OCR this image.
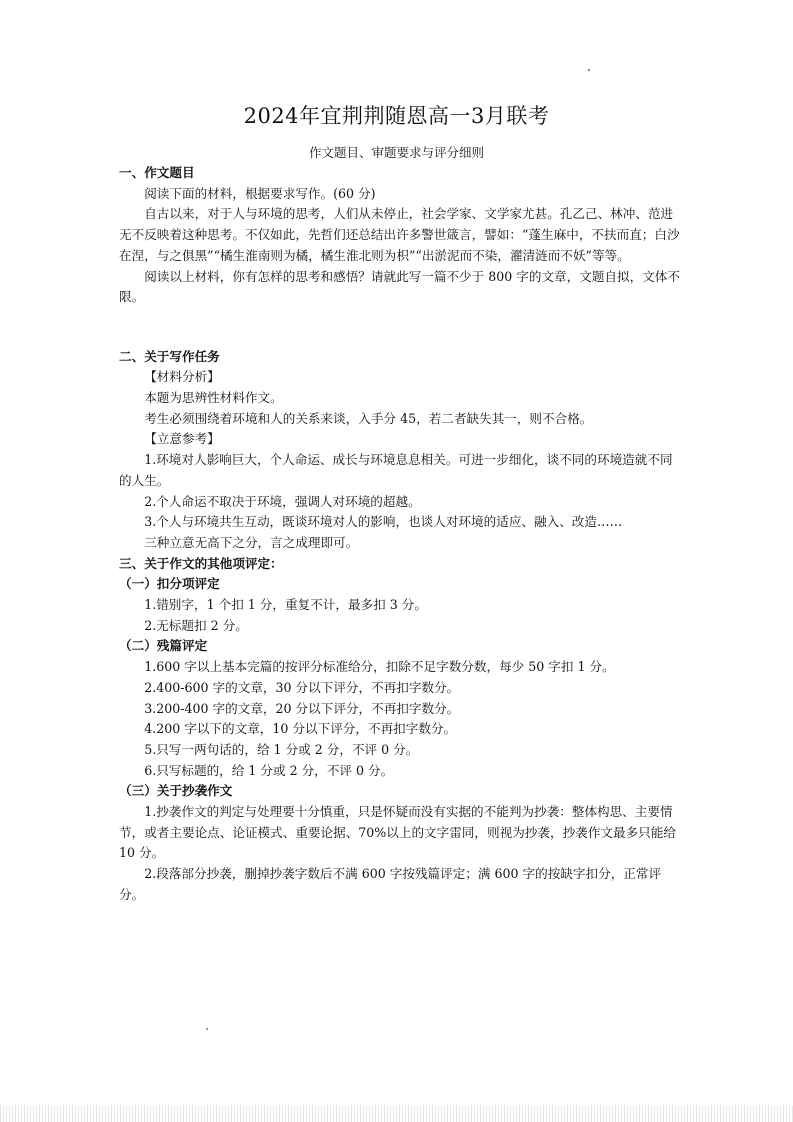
2024年宜荆荆随恩高一3月联考
作文题目、审题要求与评分细则

一、作文题目

阅读下面的材料，根据要求写作。(60 分)

自古以来，对于人与环境的思考，人们从未停止，社会学家、文学家尤甚。孔乙己、林冲、范进无不反映着这种思考。不仅如此，先哲们还总结出许多警世箴言，譬如：“蓬生麻中，不扶而直；白沙在涅，与之俱黑”“橘生淮南则为橘，橘生淮北则为枳”“出淤泥而不染，濯清涟而不妖”等等。

阅读以上材料，你有怎样的思考和感悟？请就此写一篇不少于 800 字的文章，文题自拟，文体不限。

二、关于写作任务

【材料分析】

本题为思辨性材料作文。

考生必须围绕着环境和人的关系来谈，入手分 45，若二者缺失其一，则不合格。

【立意参考】

1.环境对人影响巨大，个人命运、成长与环境息息相关。可进一步细化，谈不同的环境造就不同的人生。

2.个人命运不取决于环境，强调人对环境的超越。

3.个人与环境共生互动，既谈环境对人的影响，也谈人对环境的适应、融入、改造……

三种立意无高下之分，言之成理即可。

三、关于作文的其他项评定：

（一）扣分项评定

1.错别字，1 个扣 1 分，重复不计，最多扣 3 分。

2.无标题扣 2 分。

（二）残篇评定

1.600 字以上基本完篇的按评分标准给分，扣除不足字数分数，每少 50 字扣 1 分。

2.400-600 字的文章，30 分以下评分，不再扣字数分。

3.200-400 字的文章，20 分以下评分，不再扣字数分。

4.200 字以下的文章，10 分以下评分，不再扣字数分。

5.只写一两句话的，给 1 分或 2 分，不评 0 分。

6.只写标题的，给 1 分或 2 分，不评 0 分。

（三）关于抄袭作文

1.抄袭作文的判定与处理要十分慎重，只是怀疑而没有实据的不能判为抄袭：整体构思、主要情节，或者主要论点、论证模式、重要论据、70%以上的文字雷同，则视为抄袭，抄袭作文最多只能给 10 分。

2.段落部分抄袭，删掉抄袭字数后不满 600 字按残篇评定；满 600 字的按缺字扣分，正常评分。
